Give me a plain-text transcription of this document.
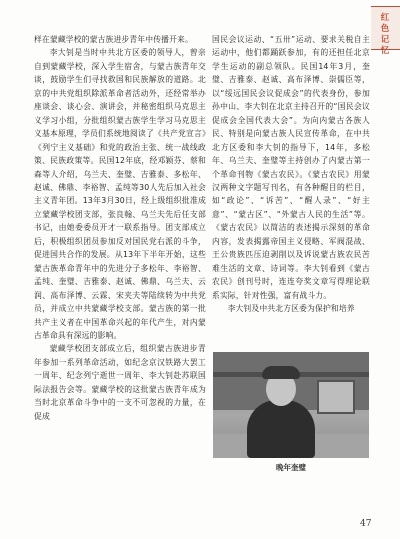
红色记忆

样在蒙藏学校的蒙古族进步青年中传播开来。

李大钊是当时中共北方区委的领导人，曾亲自到蒙藏学校，深入学生宿舍，与蒙古族青年交谈，鼓励学生们寻找救国和民族解放的道路。北京的中共党组织除派革命者活动外，还经常举办座谈会、谈心会、演讲会，并秘密组织马克思主义学习小组，分批组织蒙古族学生学习马克思主义基本原理，学员们系统地阅读了《共产党宣言》《列宁主义基础》和党的政治主张、统一战线政策、民族政策等。民国12年底，经邓颖芬、蔡和森等人介绍，乌兰夫、奎璧、吉雅泰、多松年、赵诚、佛鼎、李裕智、孟纯等30人先后加入社会主义青年团。13年3月30日，经上级组织批准成立蒙藏学校团支部，张良翰、乌兰夫先后任支部书记，由她委委员开才一联系指导。团支部成立后，积极组织团员参加反对国民党右派的斗争，促进国共合作的发展。从13年下半年开始，这些蒙古族革命青年中的先进分子多松年、李裕智、孟纯、奎璧、吉雅泰、赵诚、佛鼎、乌兰夫、云润、高布泽博、云霖、宋夹夫等陆续转为中共党员，并成立中共蒙藏学校支部。蒙古族的第一批共产主义者在中国革命兴起的年代产生，对内蒙古革命具有深远的影响。

蒙藏学校团支部成立后，组织蒙古族进步青年参加一系列革命活动，如纪念京汉铁路大罢工一周年、纪念列宁逝世一周年、李大钊赴苏联国际法报告会等。蒙藏学校的这批蒙古族青年成为当时北京革命斗争中的一支不可忽视的力量，在促成

国民会议运动、“五卅”运动、要求关税自主运动中，他们都踊跃参加，有的还担任北京学生运动的副总领队。民国14年3月，奎璧、吉雅泰、赵诚、高布泽博、崇儒臣等，以“绥远国民会议促成会”的代表身份，参加孙中山、李大钊在北京主持召开的“国民会议促成会全国代表大会”。为向内蒙古各族人民、特别是向蒙古族人民宣传革命，在中共北方区委和李大钊的指导下，14年，多松年、乌兰夫、奎璧等主持创办了内蒙古第一个革命刊物《蒙古农民》。《蒙古农民》用蒙汉两种文字题写刊名，有各种醒目的栏目，如“政论”、“诉苦”、“醒人录”、“好主意”、“蒙古区”、“外蒙古人民的生活”等。《蒙古农民》以简洁的表述揭示深刻的革命内容，发表揭露帝国主义侵略、军阀混战、王公贵族匹压迫剥削以及诉说蒙古族农民苦难生活的文章、诗词等。李大钊看到《蒙古农民》创刊号时，连连夸奖文章写得理论联系实际，针对性强，富有战斗力。

李大钊及中共北方区委为保护和培养

晚年奎璧
47
